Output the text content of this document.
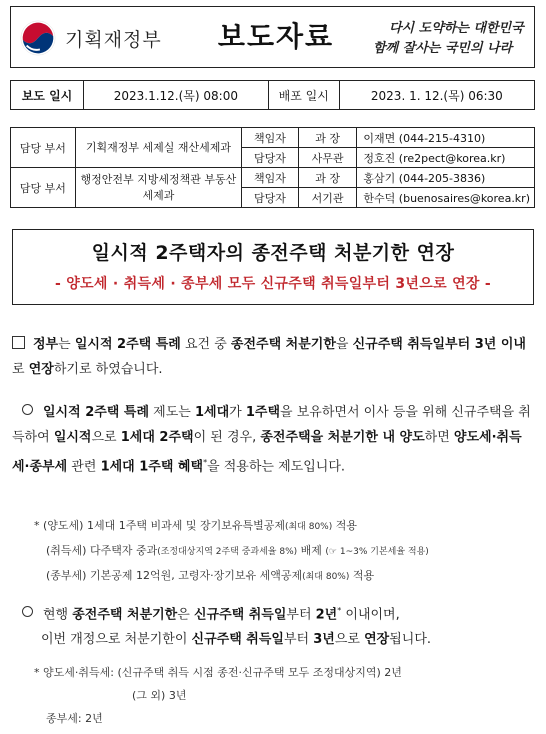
기획재정부	보도자료	다시 도약하는 대한민국
함께 잘사는 국민의 나라
보도 일시	2023.1.12.(목) 08:00	배포 일시	2023. 1. 12.(목) 06:30
담당 부서	기획재정부 세제실 재산세제과	책임자	과 장	이재면 (044-215-4310)
		담당자	사무관	정호진 (re2pect@korea.kr)
담당 부서	행정안전부 지방세정책관 부동산세제과	책임자	과 장	홍삼기 (044-205-3836)
		담당자	서기관	한수덕 (buenosaires@korea.kr)
일시적 2주택자의 종전주택 처분기한 연장
- 양도세 · 취득세 · 종부세 모두 신규주택 취득일부터 3년으로 연장 -
정부는 일시적 2주택 특례 요건 중 종전주택 처분기한을 신규주택 취득일부터 3년 이내로 연장하기로 하였습니다.
일시적 2주택 특례 제도는 1세대가 1주택을 보유하면서 이사 등을 위해 신규주택을 취득하여 일시적으로 1세대 2주택이 된 경우, 종전주택을 처분기한 내 양도하면 양도세·취득세·종부세 관련 1세대 1주택 혜택*을 적용하는 제도입니다.
* (양도세) 1세대 1주택 비과세 및 장기보유특별공제(최대 80%) 적용
(취득세) 다주택자 중과(조정대상지역 2주택 중과세율 8%) 배제 (☞ 1~3% 기본세율 적용)
(종부세) 기본공제 12억원, 고령자·장기보유 세액공제(최대 80%) 적용
현행 종전주택 처분기한은 신규주택 취득일부터 2년* 이내이며,
이번 개정으로 처분기한이 신규주택 취득일부터 3년으로 연장됩니다.
* 양도세·취득세: (신규주택 취득 시점 종전·신규주택 모두 조정대상지역) 2년
(그 외) 3년
종부세: 2년
